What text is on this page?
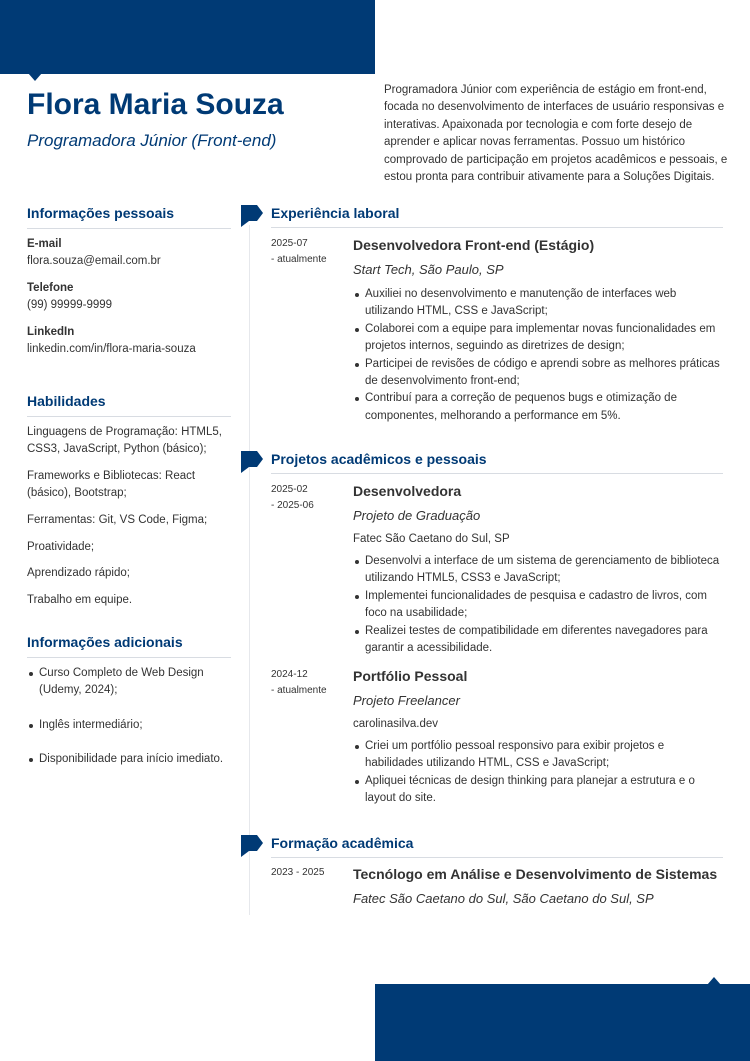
Flora Maria Souza
Programadora Júnior (Front-end)
Programadora Júnior com experiência de estágio em front-end, focada no desenvolvimento de interfaces de usuário responsivas e interativas. Apaixonada por tecnologia e com forte desejo de aprender e aplicar novas ferramentas. Possuo um histórico comprovado de participação em projetos acadêmicos e pessoais, e estou pronta para contribuir ativamente para a Soluções Digitais.
Informações pessoais
E-mail
flora.souza@email.com.br
Telefone
(99) 99999-9999
LinkedIn
linkedin.com/in/flora-maria-souza
Habilidades
Linguagens de Programação: HTML5, CSS3, JavaScript, Python (básico);
Frameworks e Bibliotecas: React (básico), Bootstrap;
Ferramentas: Git, VS Code, Figma;
Proatividade;
Aprendizado rápido;
Trabalho em equipe.
Informações adicionais
Curso Completo de Web Design (Udemy, 2024);
Inglês intermediário;
Disponibilidade para início imediato.
Experiência laboral
2025-07
- atualmente
Desenvolvedora Front-end (Estágio)
Start Tech, São Paulo, SP
Auxiliei no desenvolvimento e manutenção de interfaces web utilizando HTML, CSS e JavaScript;
Colaborei com a equipe para implementar novas funcionalidades em projetos internos, seguindo as diretrizes de design;
Participei de revisões de código e aprendi sobre as melhores práticas de desenvolvimento front-end;
Contribuí para a correção de pequenos bugs e otimização de componentes, melhorando a performance em 5%.
Projetos acadêmicos e pessoais
2025-02
- 2025-06
Desenvolvedora
Projeto de Graduação
Fatec São Caetano do Sul, SP
Desenvolvi a interface de um sistema de gerenciamento de biblioteca utilizando HTML5, CSS3 e JavaScript;
Implementei funcionalidades de pesquisa e cadastro de livros, com foco na usabilidade;
Realizei testes de compatibilidade em diferentes navegadores para garantir a acessibilidade.
2024-12
- atualmente
Portfólio Pessoal
Projeto Freelancer
carolinasilva.dev
Criei um portfólio pessoal responsivo para exibir projetos e habilidades utilizando HTML, CSS e JavaScript;
Apliquei técnicas de design thinking para planejar a estrutura e o layout do site.
Formação acadêmica
2023 - 2025	Tecnólogo em Análise e Desenvolvimento de Sistemas
Fatec São Caetano do Sul, São Caetano do Sul, SP
